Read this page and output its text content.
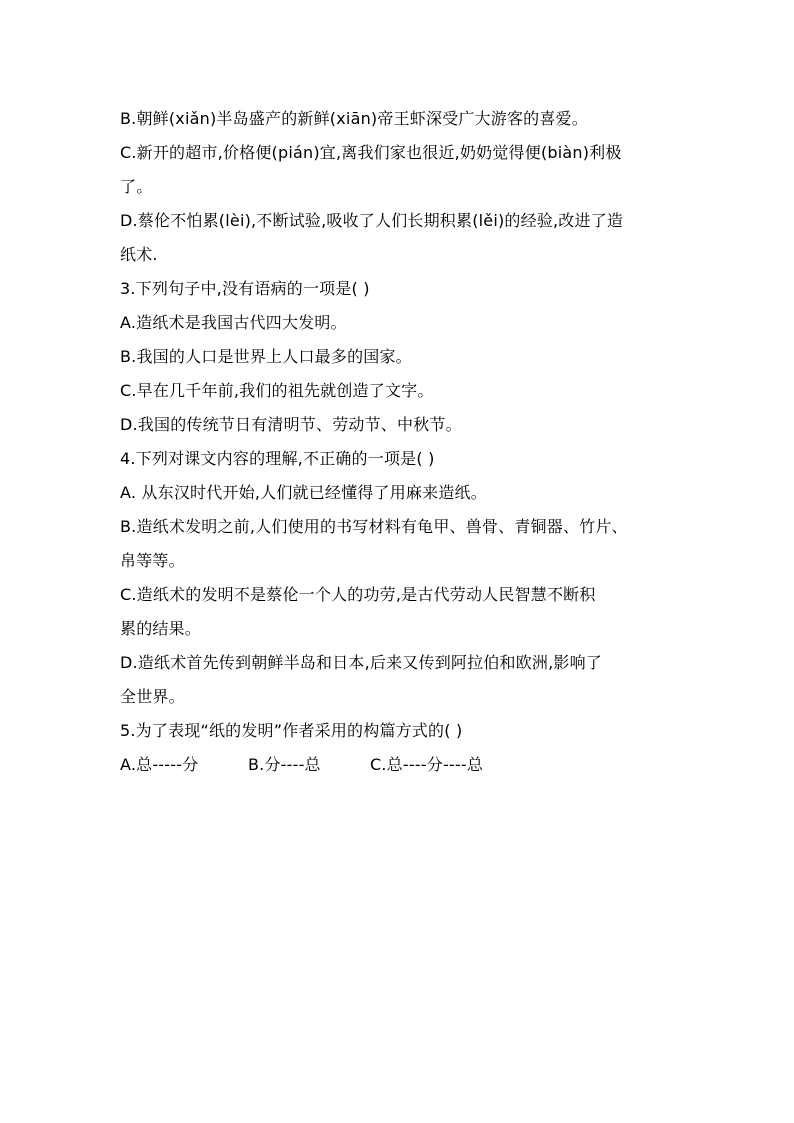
B.朝鲜(xiǎn)半岛盛产的新鲜(xiān)帝王虾深受广大游客的喜爱。
C.新开的超市,价格便(pián)宜,离我们家也很近,奶奶觉得便(biàn)利极
了。
D.蔡伦不怕累(lèi),不断试验,吸收了人们长期积累(lěi)的经验,改进了造
纸术.
3.下列句子中,没有语病的一项是( )
A.造纸术是我国古代四大发明。
B.我国的人口是世界上人口最多的国家。
C.早在几千年前,我们的祖先就创造了文字。
D.我国的传统节日有清明节、劳动节、中秋节。
4.下列对课文内容的理解,不正确的一项是( )
A. 从东汉时代开始,人们就已经懂得了用麻来造纸。
B.造纸术发明之前,人们使用的书写材料有龟甲、兽骨、青铜器、竹片、
帛等等。
C.造纸术的发明不是蔡伦一个人的功劳,是古代劳动人民智慧不断积
累的结果。
D.造纸术首先传到朝鲜半岛和日本,后来又传到阿拉伯和欧洲,影响了
全世界。
5.为了表现“纸的发明”作者采用的构篇方式的( )
A.总-----分	B.分----总	C.总----分----总
